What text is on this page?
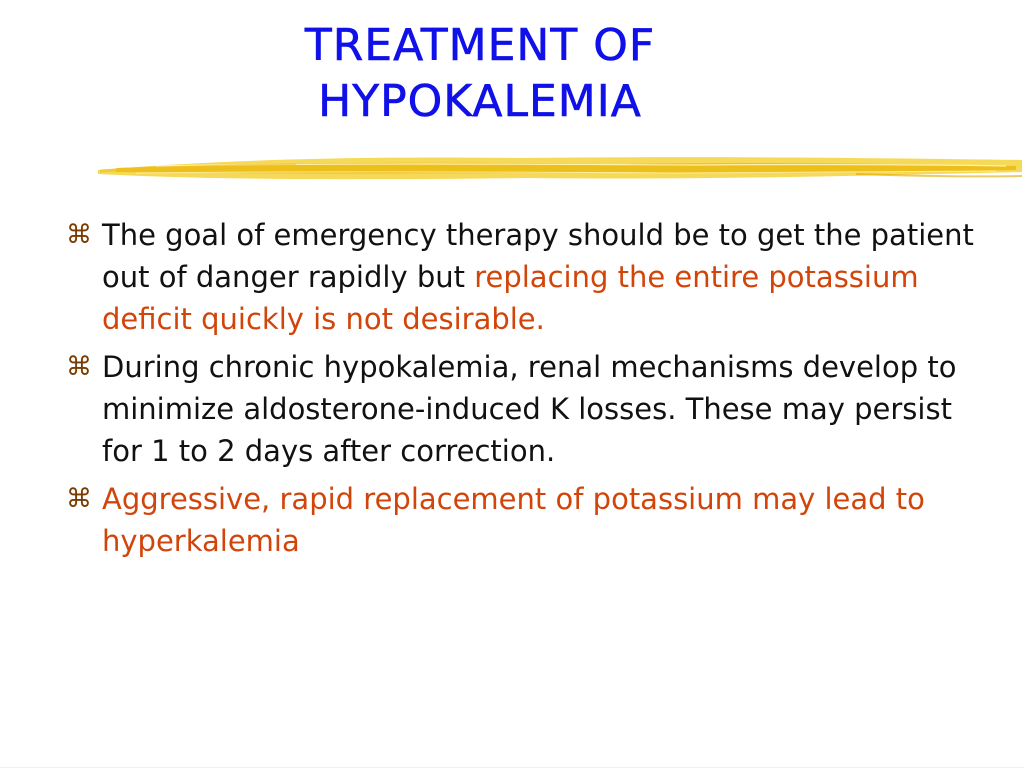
TREATMENT OF
HYPOKALEMIA
⌘ The goal of emergency therapy should be to get the patient out of danger rapidly but replacing the entire potassium deficit quickly is not desirable.
⌘ During chronic hypokalemia, renal mechanisms develop to minimize aldosterone-induced K losses. These may persist for 1 to 2 days after correction.
⌘ Aggressive, rapid replacement of potassium may lead to hyperkalemia
